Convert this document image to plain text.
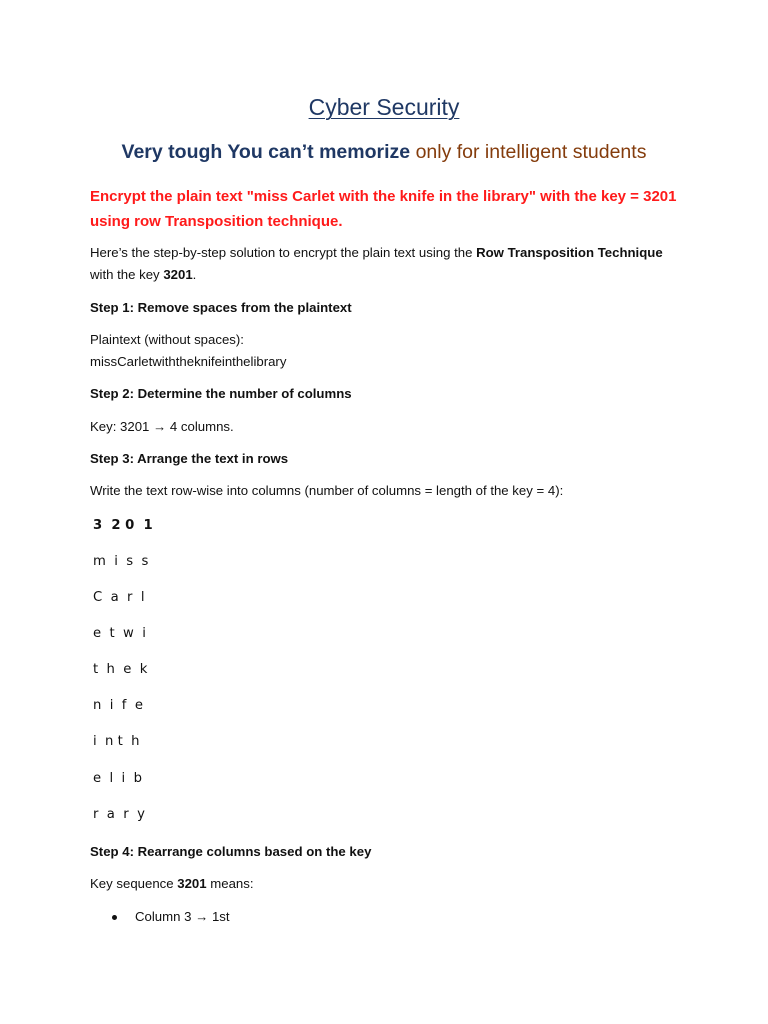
Cyber Security
Very tough You can’t memorize only for intelligent students
Encrypt the plain text "miss Carlet with the knife in the library" with the key = 3201 using row Transposition technique.
Here’s the step-by-step solution to encrypt the plain text using the Row Transposition Technique with the key 3201.
Step 1: Remove spaces from the plaintext
Plaintext (without spaces):
missCarletwiththeknifeinthelibrary
Step 2: Determine the number of columns
Key: 3201 → 4 columns.
Step 3: Arrange the text in rows
Write the text row-wise into columns (number of columns = length of the key = 4):
3  2 0  1
m  i  s  s
C  a  r  l
e  t  w  i
t  h  e  k
n  i  f  e
i  n t  h
e  l  i  b
r  a  r  y
Step 4: Rearrange columns based on the key
Key sequence 3201 means:
Column 3 → 1st
